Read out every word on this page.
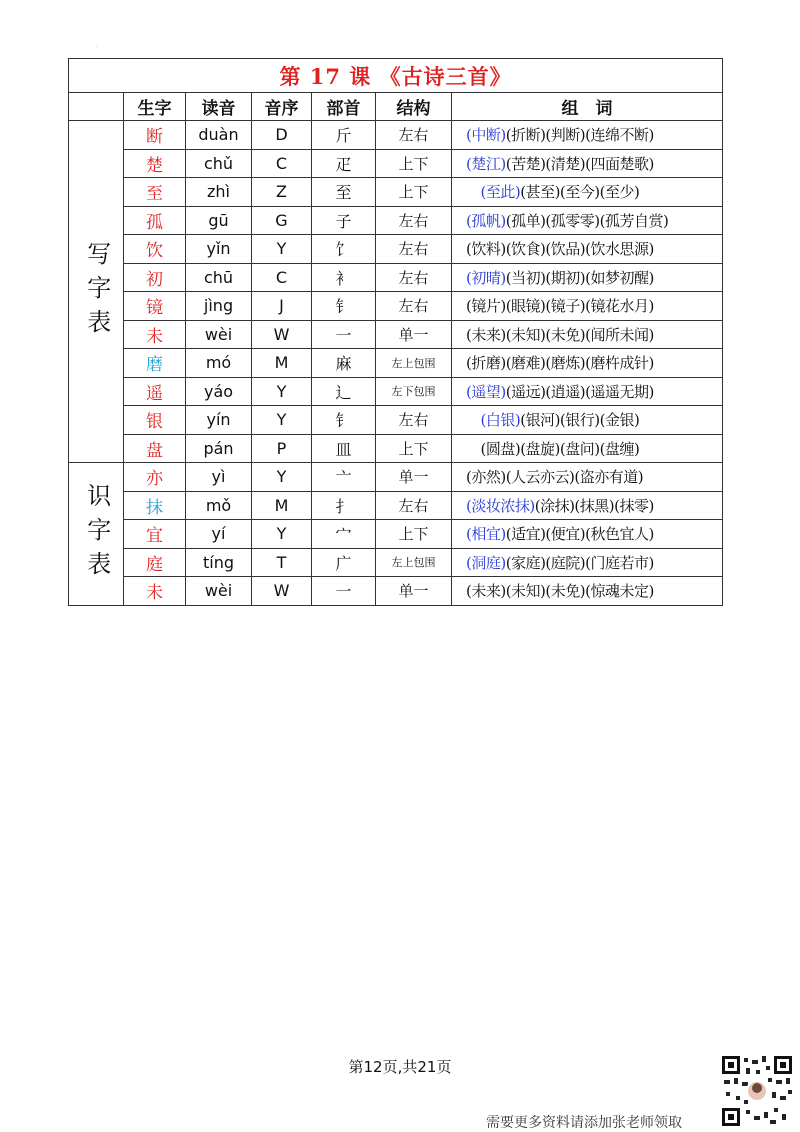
.
第 17 课 《古诗三首》						
	生字	读音	音序	部首	结构	组　词
写字表	断	duàn	D	斤	左右	(中断)(折断)(判断)(连绵不断)
	楚	chǔ	C	疋	上下	(楚江)(苦楚)(清楚)(四面楚歌)
	至	zhì	Z	至	上下	　(至此)(甚至)(至今)(至少)
	孤	gū	G	子	左右	(孤帆)(孤单)(孤零零)(孤芳自赏)
	饮	yǐn	Y	饣	左右	(饮料)(饮食)(饮品)(饮水思源)
	初	chū	C	衤	左右	(初晴)(当初)(期初)(如梦初醒)
	镜	jìng	J	钅	左右	(镜片)(眼镜)(镜子)(镜花水月)
	未	wèi	W	一	单一	(未来)(未知)(未免)(闻所未闻)
	磨	mó	M	麻	左上包围	(折磨)(磨难)(磨炼)(磨杵成针)
	遥	yáo	Y	辶	左下包围	(遥望)(遥远)(逍遥)(遥遥无期)
	银	yín	Y	钅	左右	　(白银)(银河)(银行)(金银)
	盘	pán	P	皿	上下	　(圆盘)(盘旋)(盘问)(盘缠)
识字表	亦	yì	Y	亠	单一	(亦然)(人云亦云)(盗亦有道)
	抹	mǒ	M	扌	左右	(淡妆浓抹)(涂抹)(抹黑)(抹零)
	宜	yí	Y	宀	上下	(相宜)(适宜)(便宜)(秋色宜人)
	庭	tíng	T	广	左上包围	(洞庭)(家庭)(庭院)(门庭若市)
	未	wèi	W	一	单一	(未来)(未知)(未免)(惊魂未定)
第12页,共21页
需要更多资料请添加张老师领取
